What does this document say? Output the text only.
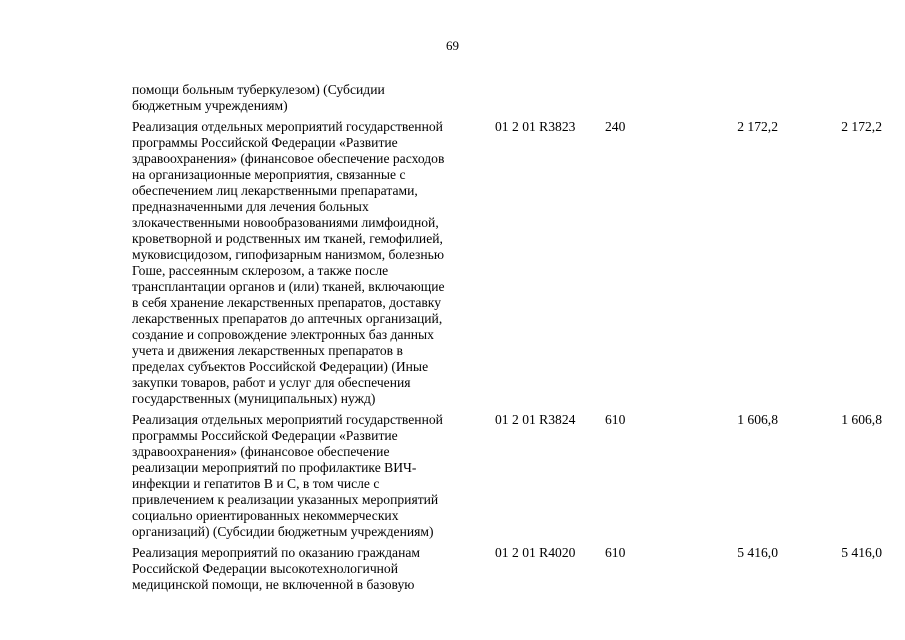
69
помощи больным туберкулезом) (Субсидии
бюджетным учреждениям)
Реализация отдельных мероприятий государственной
программы Российской Федерации «Развитие
здравоохранения» (финансовое обеспечение расходов
на организационные мероприятия, связанные с
обеспечением лиц лекарственными препаратами,
предназначенными для лечения больных
злокачественными новообразованиями лимфоидной,
кроветворной и родственных им тканей, гемофилией,
муковисцидозом, гипофизарным нанизмом, болезнью
Гоше, рассеянным склерозом, а также после
трансплантации органов и (или) тканей, включающие
в себя хранение лекарственных препаратов, доставку
лекарственных препаратов до аптечных организаций,
создание и сопровождение электронных баз данных
учета и движения лекарственных препаратов в
пределах субъектов Российской Федерации) (Иные
закупки товаров, работ и услуг для обеспечения
государственных (муниципальных) нужд)
01 2 01 R3823 240	2 172,2	2 172,2
Реализация отдельных мероприятий государственной
программы Российской Федерации «Развитие
здравоохранения» (финансовое обеспечение
реализации мероприятий по профилактике ВИЧ-
инфекции и гепатитов В и С, в том числе с
привлечением к реализации указанных мероприятий
социально ориентированных некоммерческих
организаций) (Субсидии бюджетным учреждениям)
01 2 01 R3824 610	1 606,8	1 606,8
Реализация мероприятий по оказанию гражданам
Российской Федерации высокотехнологичной
медицинской помощи, не включенной в базовую
01 2 01 R4020 610	5 416,0	5 416,0
